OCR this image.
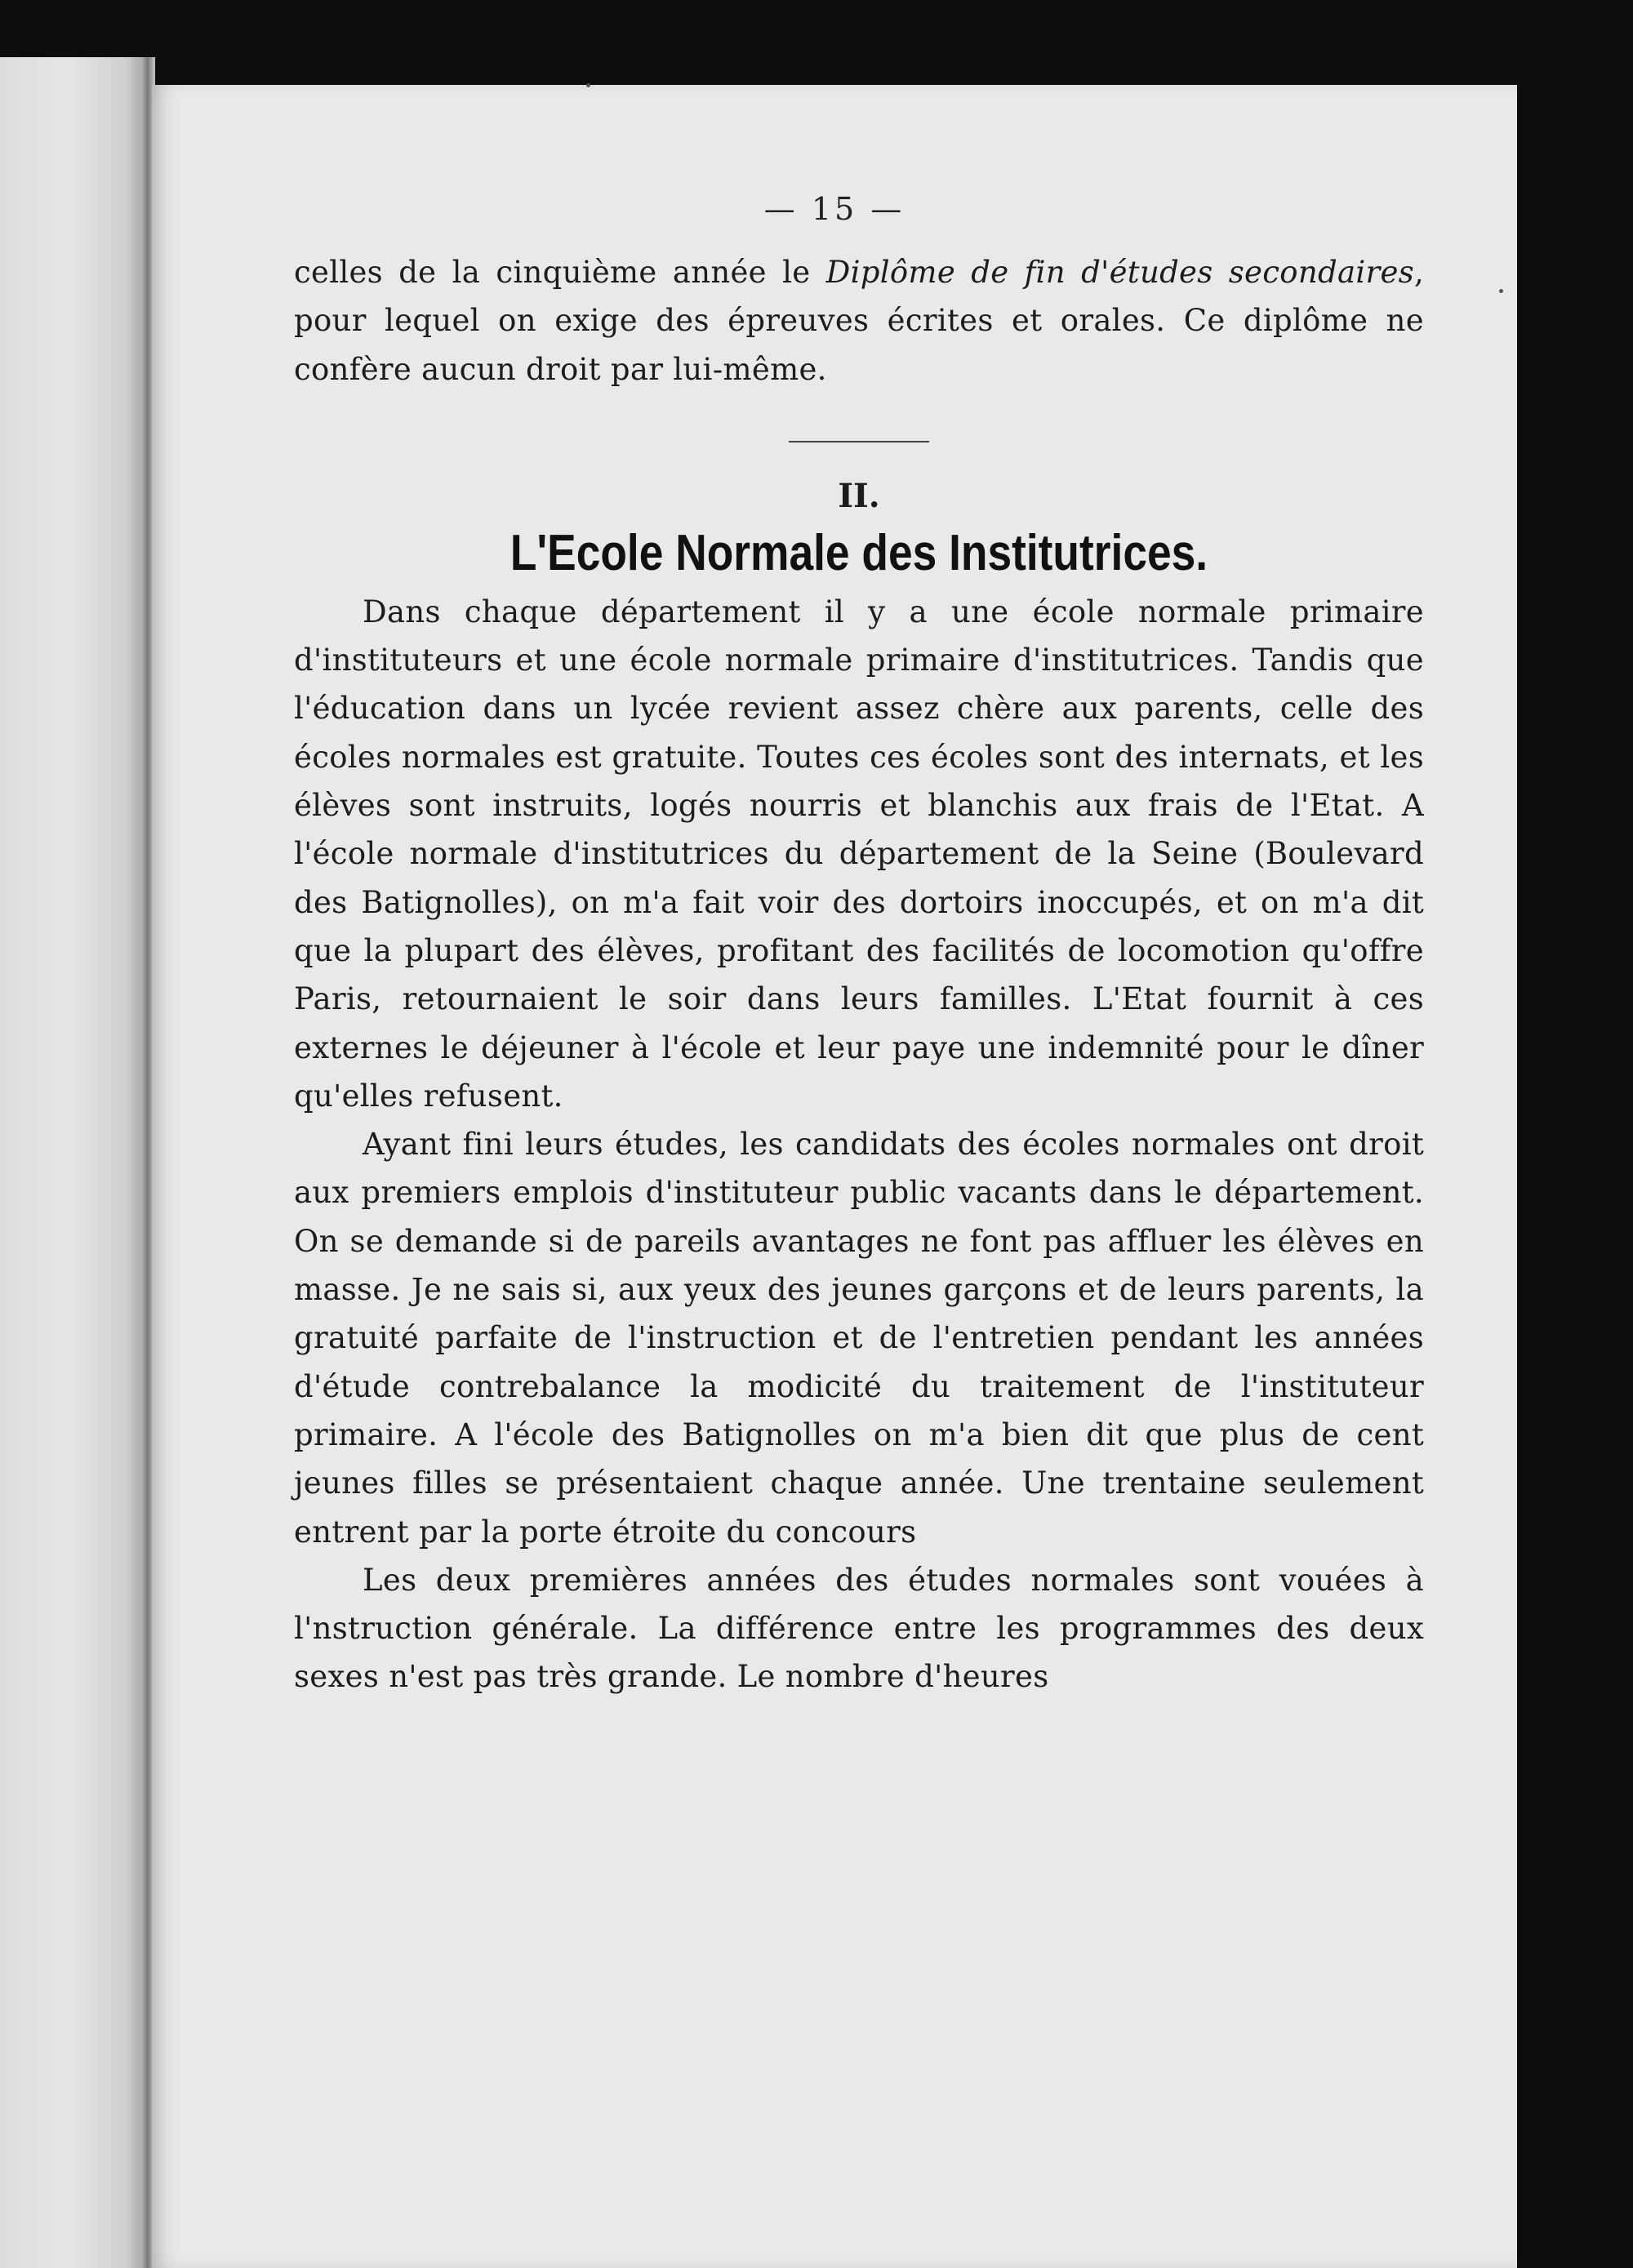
— 15 —

celles de la cinquième année le Diplôme de fin d'études secondaires, pour lequel on exige des épreuves écrites et orales. Ce diplôme ne confère aucun droit par lui-même.

II.
L'Ecole Normale des Institutrices.

Dans chaque département il y a une école normale primaire d'instituteurs et une école normale primaire d'institutrices. Tandis que l'éducation dans un lycée revient assez chère aux parents, celle des écoles normales est gratuite. Toutes ces écoles sont des internats, et les élèves sont instruits, logés nourris et blanchis aux frais de l'Etat. A l'école normale d'institutrices du département de la Seine (Boulevard des Batignolles), on m'a fait voir des dortoirs inoccupés, et on m'a dit que la plupart des élèves, profitant des facilités de locomotion qu'offre Paris, retournaient le soir dans leurs familles. L'Etat fournit à ces externes le déjeuner à l'école et leur paye une indemnité pour le dîner qu'elles refusent.

Ayant fini leurs études, les candidats des écoles normales ont droit aux premiers emplois d'instituteur public vacants dans le département. On se demande si de pareils avantages ne font pas affluer les élèves en masse. Je ne sais si, aux yeux des jeunes garçons et de leurs parents, la gratuité parfaite de l'instruction et de l'entretien pendant les années d'étude contrebalance la modicité du traitement de l'instituteur primaire. A l'école des Batignolles on m'a bien dit que plus de cent jeunes filles se présentaient chaque année. Une trentaine seulement entrent par la porte étroite du concours

Les deux premières années des études normales sont vouées à l'nstruction générale. La différence entre les programmes des deux sexes n'est pas très grande. Le nombre d'heures
